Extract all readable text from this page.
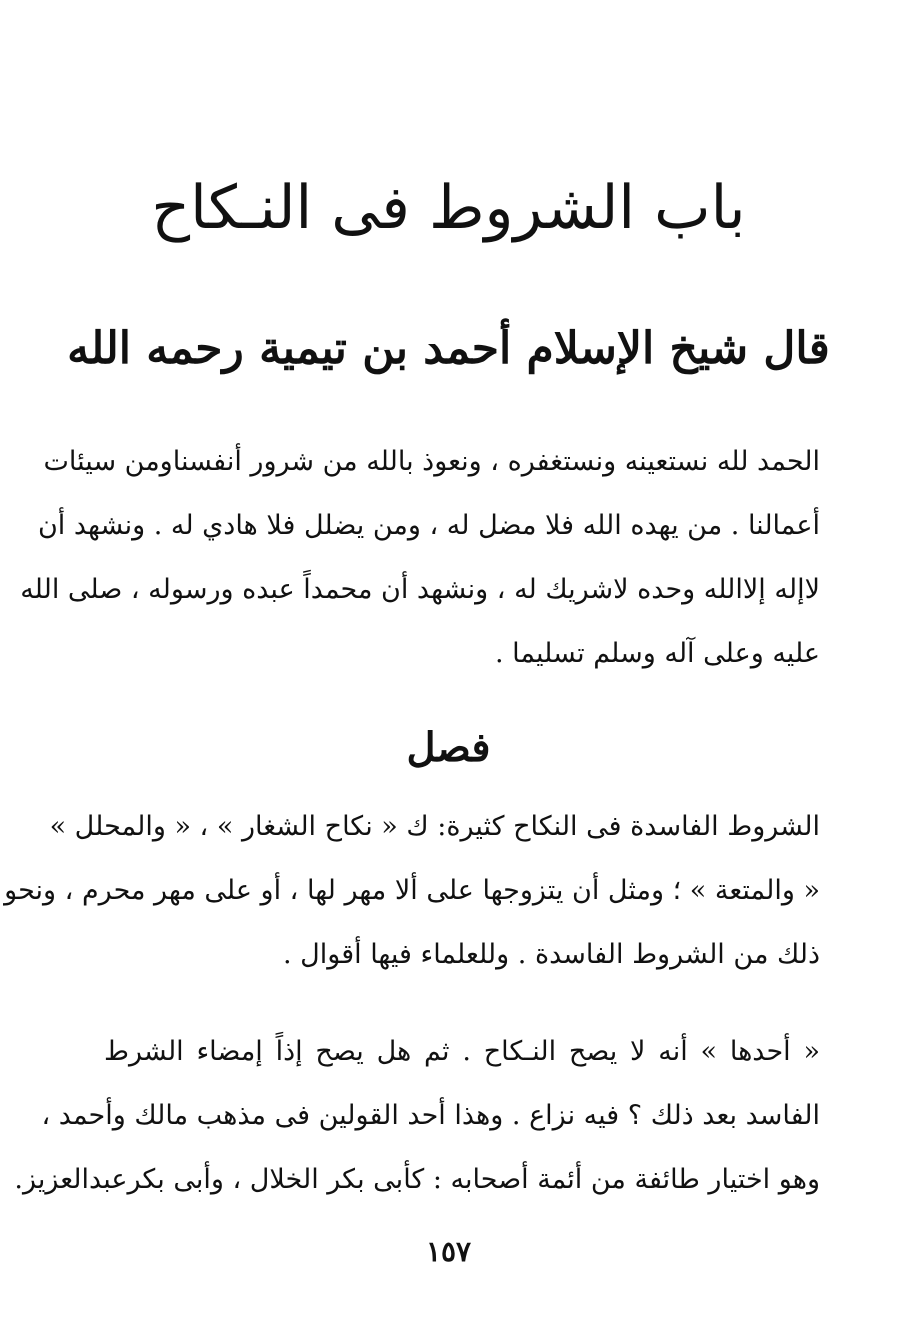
باب الشروط فى النـكاح
قال شيخ الإسلام أحمد بن تيمية رحمه الله

الحمد لله نستعينه ونستغفره ، ونعوذ بالله من شرور أنفسناومن سيئات
أعمالنا . من يهده الله فلا مضل له ، ومن يضلل فلا هادي له . ونشهد أن
لاإله إلاالله وحده لاشريك له ، ونشهد أن محمداً عبده ورسوله ، صلى الله
عليه وعلى آله وسلم تسليما .

فصل

الشروط الفاسدة فى النكاح كثيرة: ك « نكاح الشغار » ، « والمحلل »
« والمتعة » ؛ ومثل أن يتزوجها على ألا مهر لها ، أو على مهر محرم ، ونحو
ذلك من الشروط الفاسدة . وللعلماء فيها أقوال .

« أحدها » أنه لا يصح النـكاح . ثم هل يصح إذاً إمضاء الشرط
الفاسد بعد ذلك ؟ فيه نزاع . وهذا أحد القولين فى مذهب مالك وأحمد ،
وهو اختيار طائفة من أئمة أصحابه : كأبى بكر الخلال ، وأبى بكرعبدالعزيز.

١٥٧
